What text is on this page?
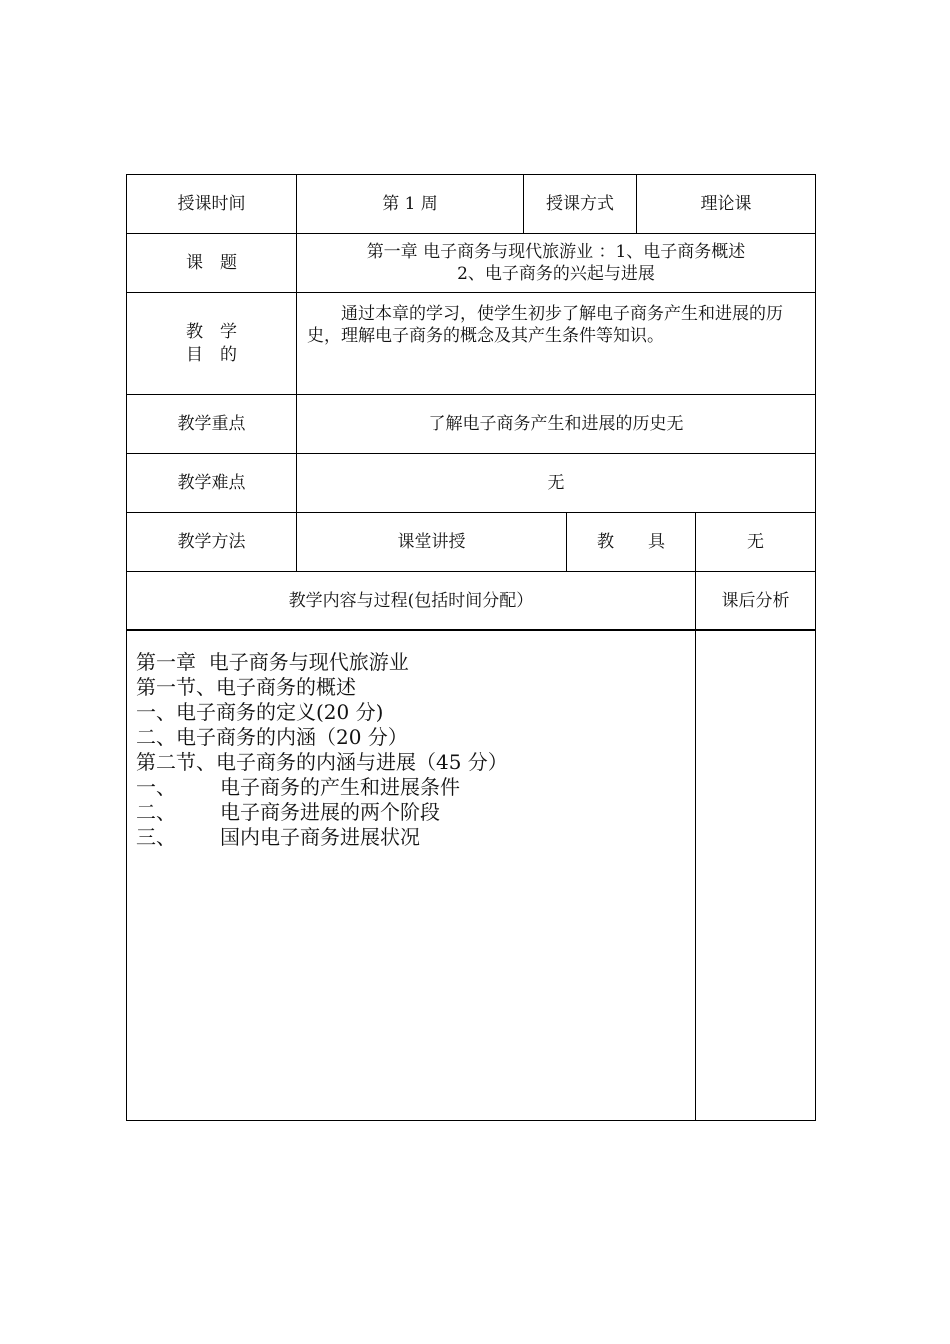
授课时间	第 1 周	授课方式	理论课
课　题	第一章 电子商务与现代旅游业 ：1、电子商务概述
2、电子商务的兴起与进展		

教　学
目　的	通过本章的学习，使学生初步了解电子商务产生和进展的历史，理解电子商务的概念及其产生条件等知识。		

教学重点	了解电子商务产生和进展的历史无		
教学难点	无		
教学方法	课堂讲授	教　　具	无
教学内容与过程(包括时间分配）			课后分析
第一章  电子商务与现代旅游业
第一节、电子商务的概述
一、电子商务的定义(20 分)
二、电子商务的内涵（20 分）
第二节、电子商务的内涵与进展（45 分）
一、 电子商务的产生和进展条件
二、 电子商务进展的两个阶段
三、 国内电子商务进展状况
